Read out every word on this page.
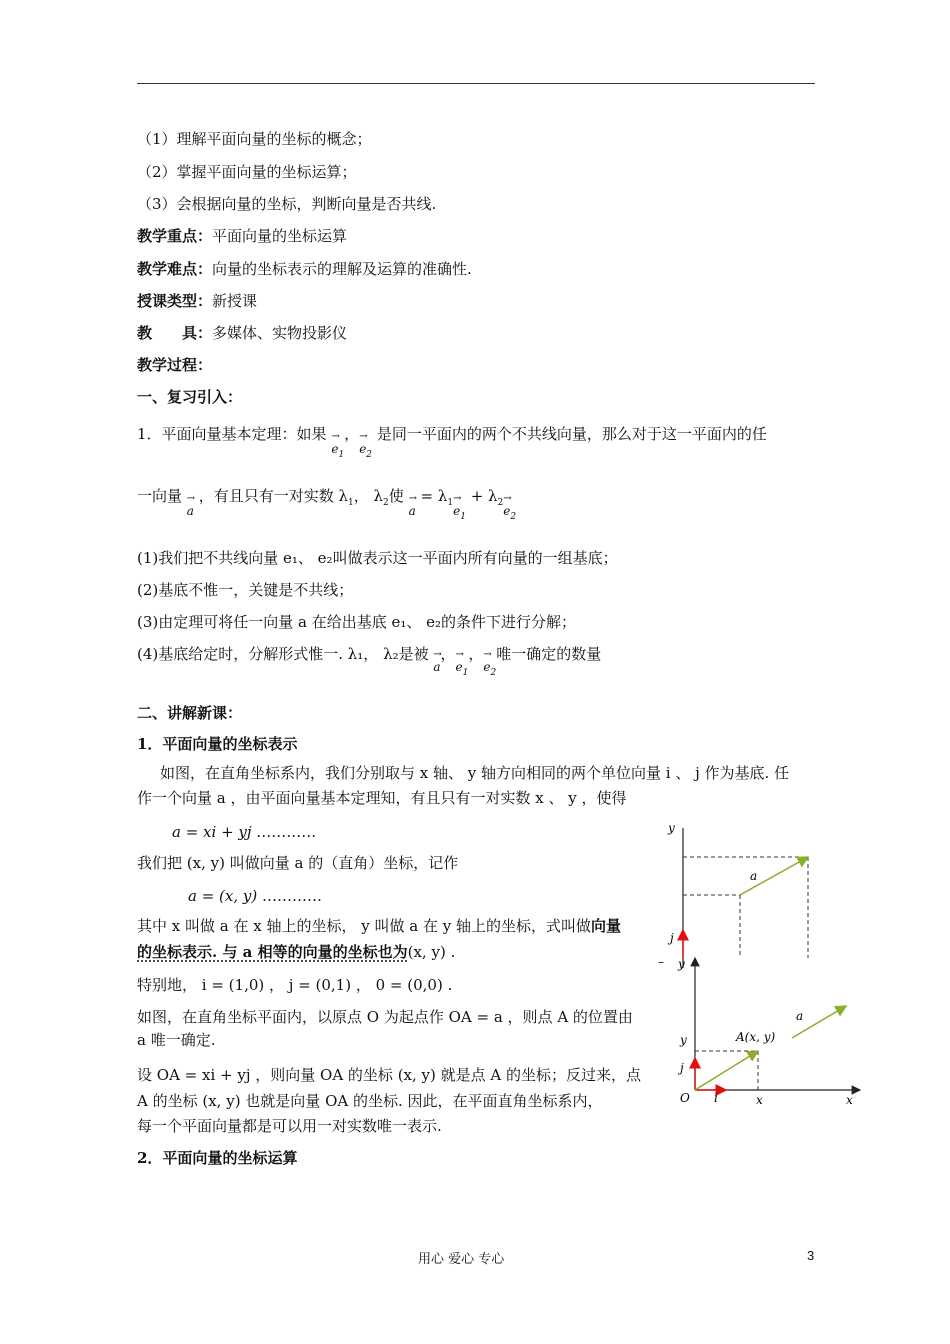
（1）理解平面向量的坐标的概念；
（2）掌握平面向量的坐标运算；
（3）会根据向量的坐标，判断向量是否共线.
教学重点：平面向量的坐标运算
教学难点：向量的坐标表示的理解及运算的准确性.
授课类型：新授课
教　　具：多媒体、实物投影仪
教学过程：
一、复习引入：
1．平面向量基本定理：如果 → $e_1$，→ $e_2$ 是同一平面内的两个不共线向量，那么对于这一平面内的任
一向量 → a ，有且只有一对实数 $\lambda_1$， $\lambda_2$使 → $a = \lambda_1\to e_1 + \lambda_2\to e_2$
(1)我们把不共线向量 e₁、 e₂叫做表示这一平面内所有向量的一组基底；
(2)基底不惟一，关键是不共线；
(3)由定理可将任一向量 a 在给出基底 e₁、 e₂的条件下进行分解；
(4)基底给定时，分解形式惟一. λ₁， λ₂是被 → a，→ $e_1$，→ $e_2$唯一确定的数量
二、讲解新课：
1．平面向量的坐标表示
如图，在直角坐标系内，我们分别取与 x 轴、 y 轴方向相同的两个单位向量 i 、 j 作为基底. 任
作一个向量 a ，由平面向量基本定理知，有且只有一对实数 x 、 y ，使得
a = xi + yj …………
我们把 (x, y) 叫做向量 a 的（直角）坐标，记作
a = (x, y) …………
其中 x 叫做 a 在 x 轴上的坐标， y 叫做 a 在 y 轴上的坐标，式叫做向量
的坐标表示. 与 a 相等的向量的坐标也为(x, y) .
特别地， i = (1,0) ， j = (0,1) ， 0 = (0,0) .
如图，在直角坐标平面内，以原点 O 为起点作 OA = a ，则点 A 的位置由
a 唯一确定.
设 OA = xi + yj ，则向量 OA 的坐标 (x, y) 就是点 A 的坐标；反过来，点
A 的坐标 (x, y) 也就是向量 OA 的坐标. 因此，在平面直角坐标系内，
每一个平面向量都是可以用一对实数唯一表示.
2．平面向量的坐标运算
y
a
j
– y
x
O
y
x
j
i
A(x, y)
a
用心 爱心 专心	3
